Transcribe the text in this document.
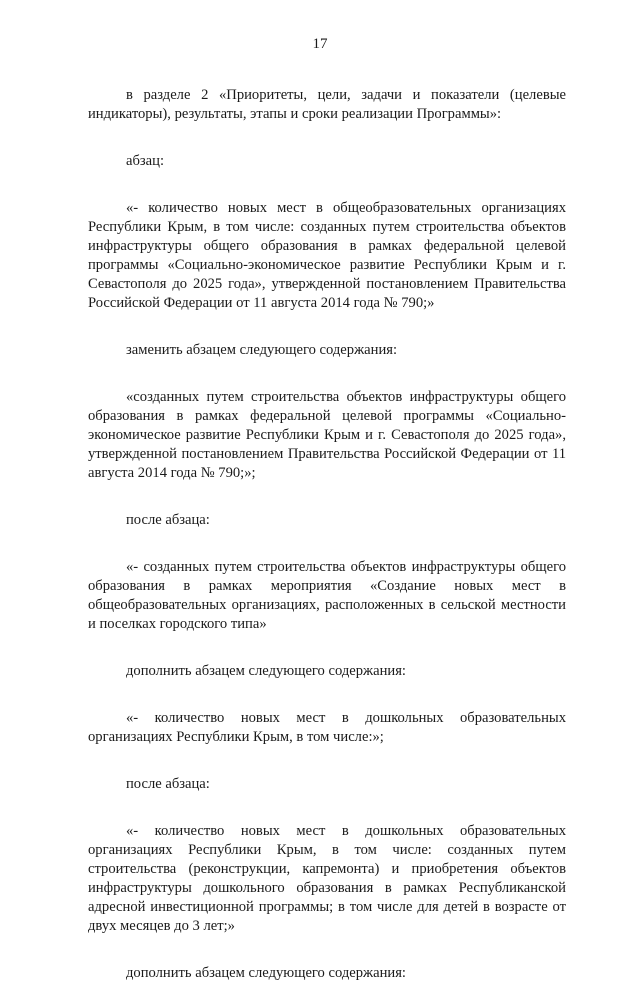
17

в разделе 2 «Приоритеты, цели, задачи и показатели (целевые индикаторы), результаты, этапы и сроки реализации Программы»:

абзац:

«- количество новых мест в общеобразовательных организациях Республики Крым, в том числе: созданных путем строительства объектов инфраструктуры общего образования в рамках федеральной целевой программы «Социально-экономическое развитие Республики Крым и г. Севастополя до 2025 года», утвержденной постановлением Правительства Российской Федерации от 11 августа 2014 года № 790;»

заменить абзацем следующего содержания:

«созданных путем строительства объектов инфраструктуры общего образования в рамках федеральной целевой программы «Социально-экономическое развитие Республики Крым и г. Севастополя до 2025 года», утвержденной постановлением Правительства Российской Федерации от 11 августа 2014 года № 790;»;

после абзаца:

«- созданных путем строительства объектов инфраструктуры общего образования в рамках мероприятия «Создание новых мест в общеобразовательных организациях, расположенных в сельской местности и поселках городского типа»

дополнить абзацем следующего содержания:

«- количество новых мест в дошкольных образовательных организациях Республики Крым, в том числе:»;

после абзаца:

«- количество новых мест в дошкольных образовательных организациях Республики Крым, в том числе: созданных путем строительства (реконструкции, капремонта) и приобретения объектов инфраструктуры дошкольного образования в рамках Республиканской адресной инвестиционной программы; в том числе для детей в возрасте от двух месяцев до 3 лет;»

дополнить абзацем следующего содержания:
